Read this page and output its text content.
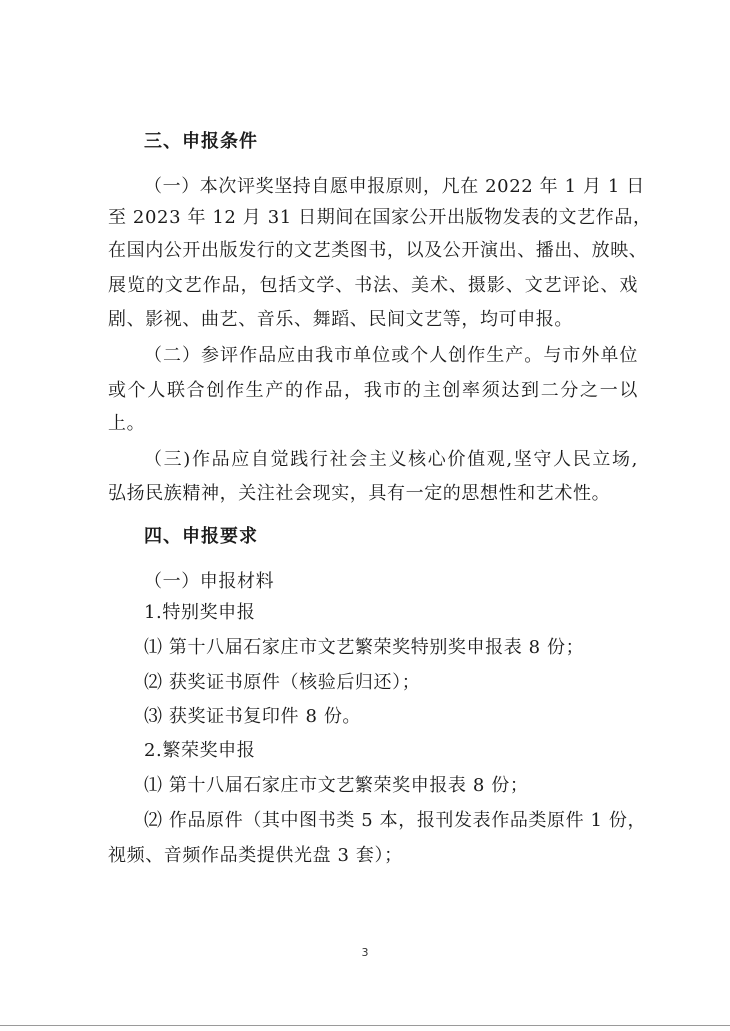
三、申报条件
（一）本次评奖坚持自愿申报原则，凡在 2022 年 1 月 1 日
至 2023 年 12 月 31 日期间在国家公开出版物发表的文艺作品，
在国内公开出版发行的文艺类图书，以及公开演出、播出、放映、
展览的文艺作品，包括文学、书法、美术、摄影、文艺评论、戏
剧、影视、曲艺、音乐、舞蹈、民间文艺等，均可申报。
（二）参评作品应由我市单位或个人创作生产。与市外单位
或个人联合创作生产的作品，我市的主创率须达到二分之一以
上。
（三)作品应自觉践行社会主义核心价值观,坚守人民立场,
弘扬民族精神，关注社会现实，具有一定的思想性和艺术性。
四、申报要求
（一）申报材料
1.特别奖申报
⑴ 第十八届石家庄市文艺繁荣奖特别奖申报表 8 份；
⑵ 获奖证书原件（核验后归还）；
⑶ 获奖证书复印件 8 份。
2.繁荣奖申报
⑴ 第十八届石家庄市文艺繁荣奖申报表 8 份；
⑵ 作品原件（其中图书类 5 本，报刊发表作品类原件 1 份，
视频、音频作品类提供光盘 3 套）；
3
